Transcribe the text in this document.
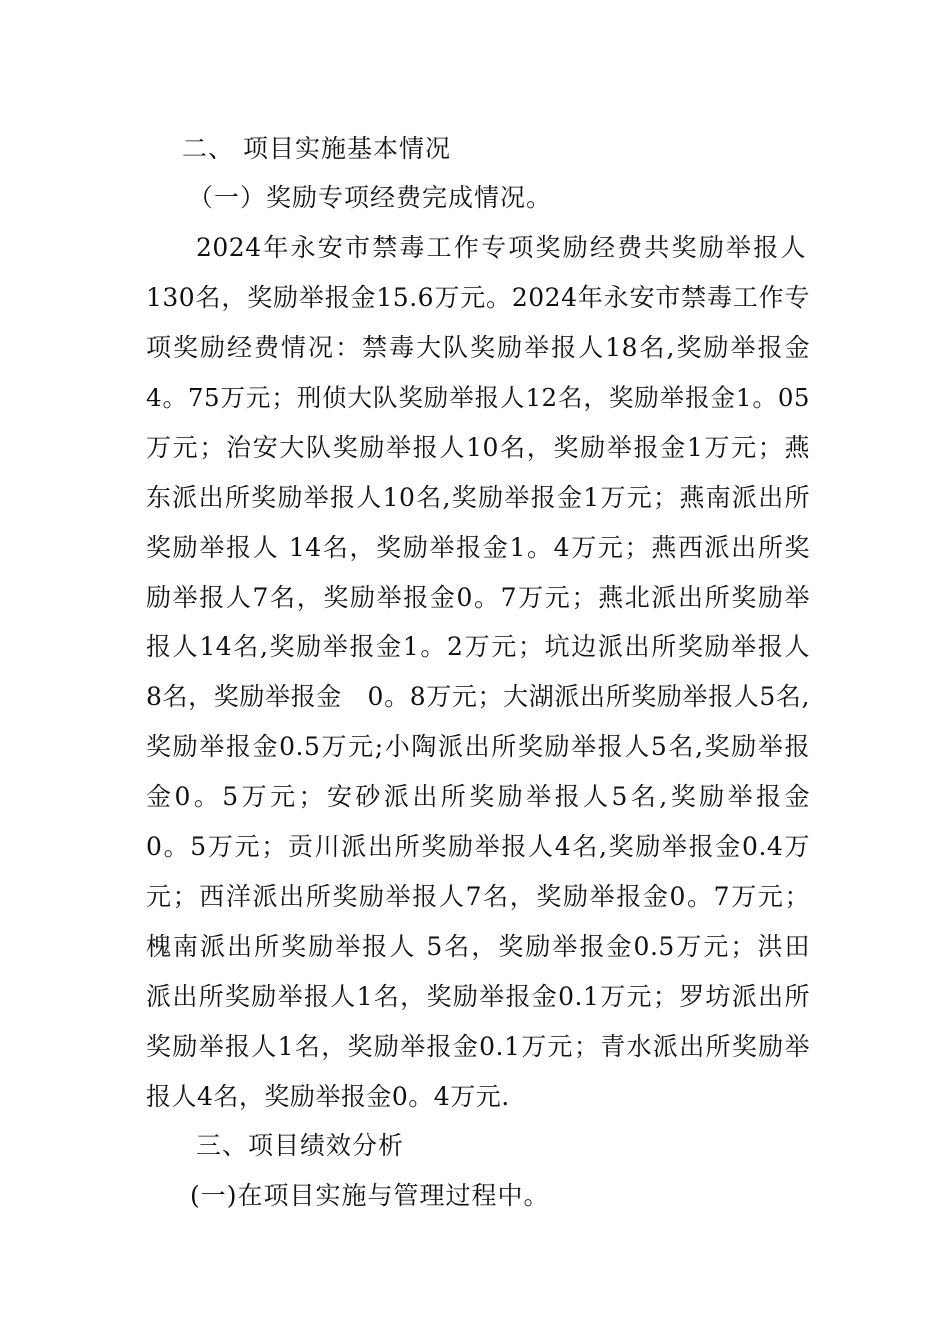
二、 项目实施基本情况
（一）奖励专项经费完成情况。
2024年永安市禁毒工作专项奖励经费共奖励举报人
130名，奖励举报金15.6万元。2024年永安市禁毒工作专
项奖励经费情况：禁毒大队奖励举报人18名,奖励举报金
4。75万元；刑侦大队奖励举报人12名，奖励举报金1。05
万元；治安大队奖励举报人10名，奖励举报金1万元；燕
东派出所奖励举报人10名,奖励举报金1万元；燕南派出所
奖励举报人 14名，奖励举报金1。4万元；燕西派出所奖
励举报人7名，奖励举报金0。7万元；燕北派出所奖励举
报人14名,奖励举报金1。2万元；坑边派出所奖励举报人
8名，奖励举报金　0。8万元；大湖派出所奖励举报人5名,
奖励举报金0.5万元;小陶派出所奖励举报人5名,奖励举报
金0。5万元；安砂派出所奖励举报人5名,奖励举报金
0。5万元；贡川派出所奖励举报人4名,奖励举报金0.4万
元；西洋派出所奖励举报人7名，奖励举报金0。7万元；
槐南派出所奖励举报人 5名，奖励举报金0.5万元；洪田
派出所奖励举报人1名，奖励举报金0.1万元；罗坊派出所
奖励举报人1名，奖励举报金0.1万元；青水派出所奖励举
报人4名，奖励举报金0。4万元.
三、项目绩效分析
(一)在项目实施与管理过程中。
